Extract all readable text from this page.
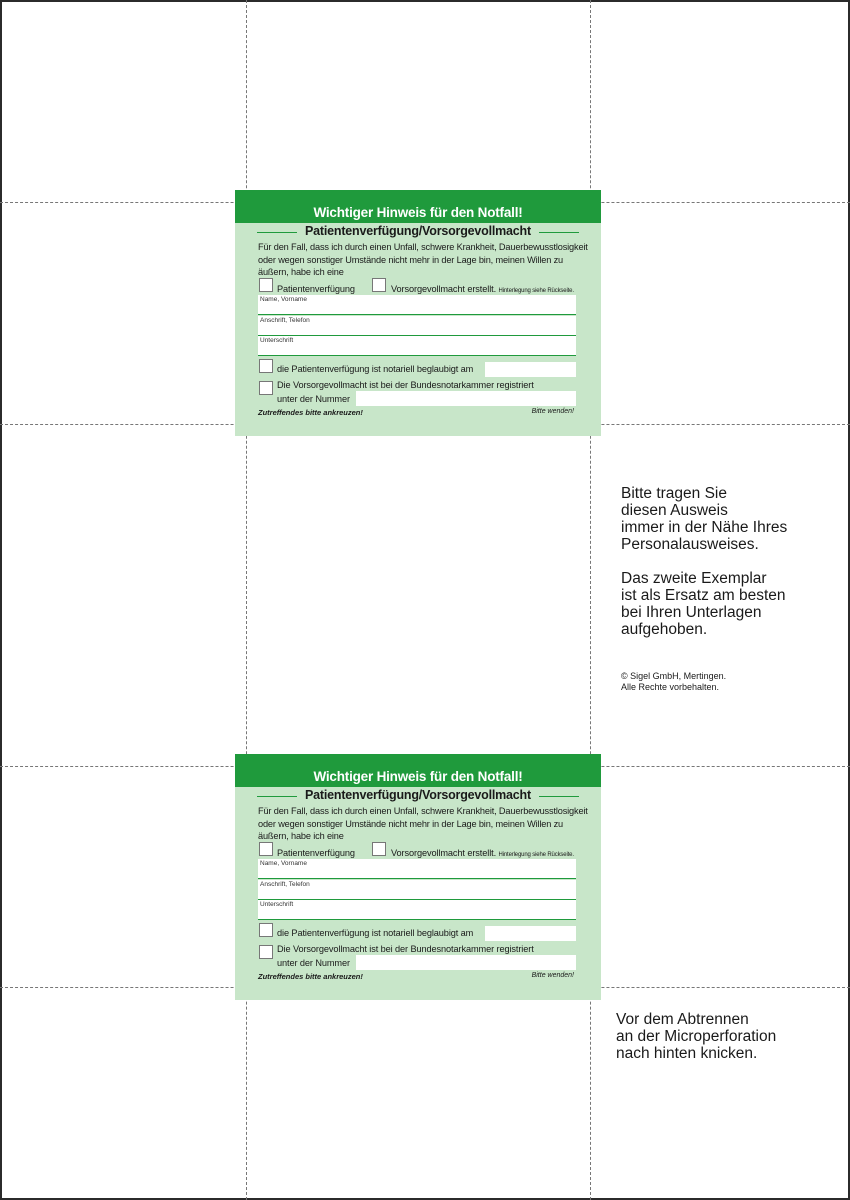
Wichtiger Hinweis für den Notfall!
Patientenverfügung/Vorsorgevollmacht
Für den Fall, dass ich durch einen Unfall, schwere Krankheit, Dauerbewusstlosigkeit oder wegen sonstiger Umstände nicht mehr in der Lage bin, meinen Willen zu äußern, habe ich eine
Patientenverfügung	Vorsorgevollmacht erstellt. Hinterlegung siehe Rückseite.
Name, Vorname
Anschrift, Telefon
Unterschrift
die Patientenverfügung ist notariell beglaubigt am
Die Vorsorgevollmacht ist bei der Bundesnotarkammer registriert
unter der Nummer
Zutreffendes bitte ankreuzen!	Bitte wenden!
Wichtiger Hinweis für den Notfall!
Patientenverfügung/Vorsorgevollmacht
Für den Fall, dass ich durch einen Unfall, schwere Krankheit, Dauerbewusstlosigkeit oder wegen sonstiger Umstände nicht mehr in der Lage bin, meinen Willen zu äußern, habe ich eine
Patientenverfügung	Vorsorgevollmacht erstellt. Hinterlegung siehe Rückseite.
Name, Vorname
Anschrift, Telefon
Unterschrift
die Patientenverfügung ist notariell beglaubigt am
Die Vorsorgevollmacht ist bei der Bundesnotarkammer registriert
unter der Nummer
Zutreffendes bitte ankreuzen!	Bitte wenden!
Bitte tragen Sie
diesen Ausweis
immer in der Nähe Ihres
Personalausweises.
Das zweite Exemplar
ist als Ersatz am besten
bei Ihren Unterlagen
aufgehoben.
© Sigel GmbH, Mertingen.
Alle Rechte vorbehalten.
Vor dem Abtrennen
an der Microperforation
nach hinten knicken.
